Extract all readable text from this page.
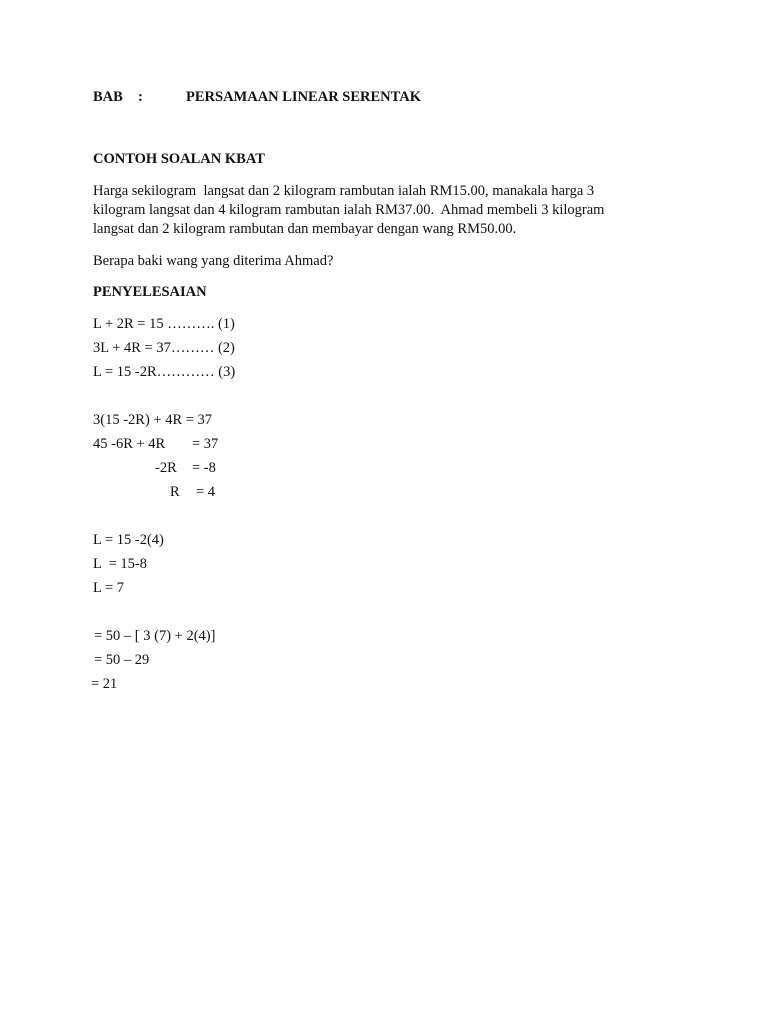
BAB :	PERSAMAAN LINEAR SERENTAK
CONTOH SOALAN KBAT
Harga sekilogram  langsat dan 2 kilogram rambutan ialah RM15.00, manakala harga 3
kilogram langsat dan 4 kilogram rambutan ialah RM37.00.  Ahmad membeli 3 kilogram
langsat dan 2 kilogram rambutan dan membayar dengan wang RM50.00.
Berapa baki wang yang diterima Ahmad?
PENYELESAIAN
L + 2R = 15 ………. (1)
3L + 4R = 37……… (2)
L = 15 -2R………… (3)
3(15 -2R) + 4R = 37
45 -6R + 4R = 37
-2R = -8
R = 4
L = 15 -2(4)
L  = 15-8
L = 7
= 50 – [ 3 (7) + 2(4)]
= 50 – 29
= 21
